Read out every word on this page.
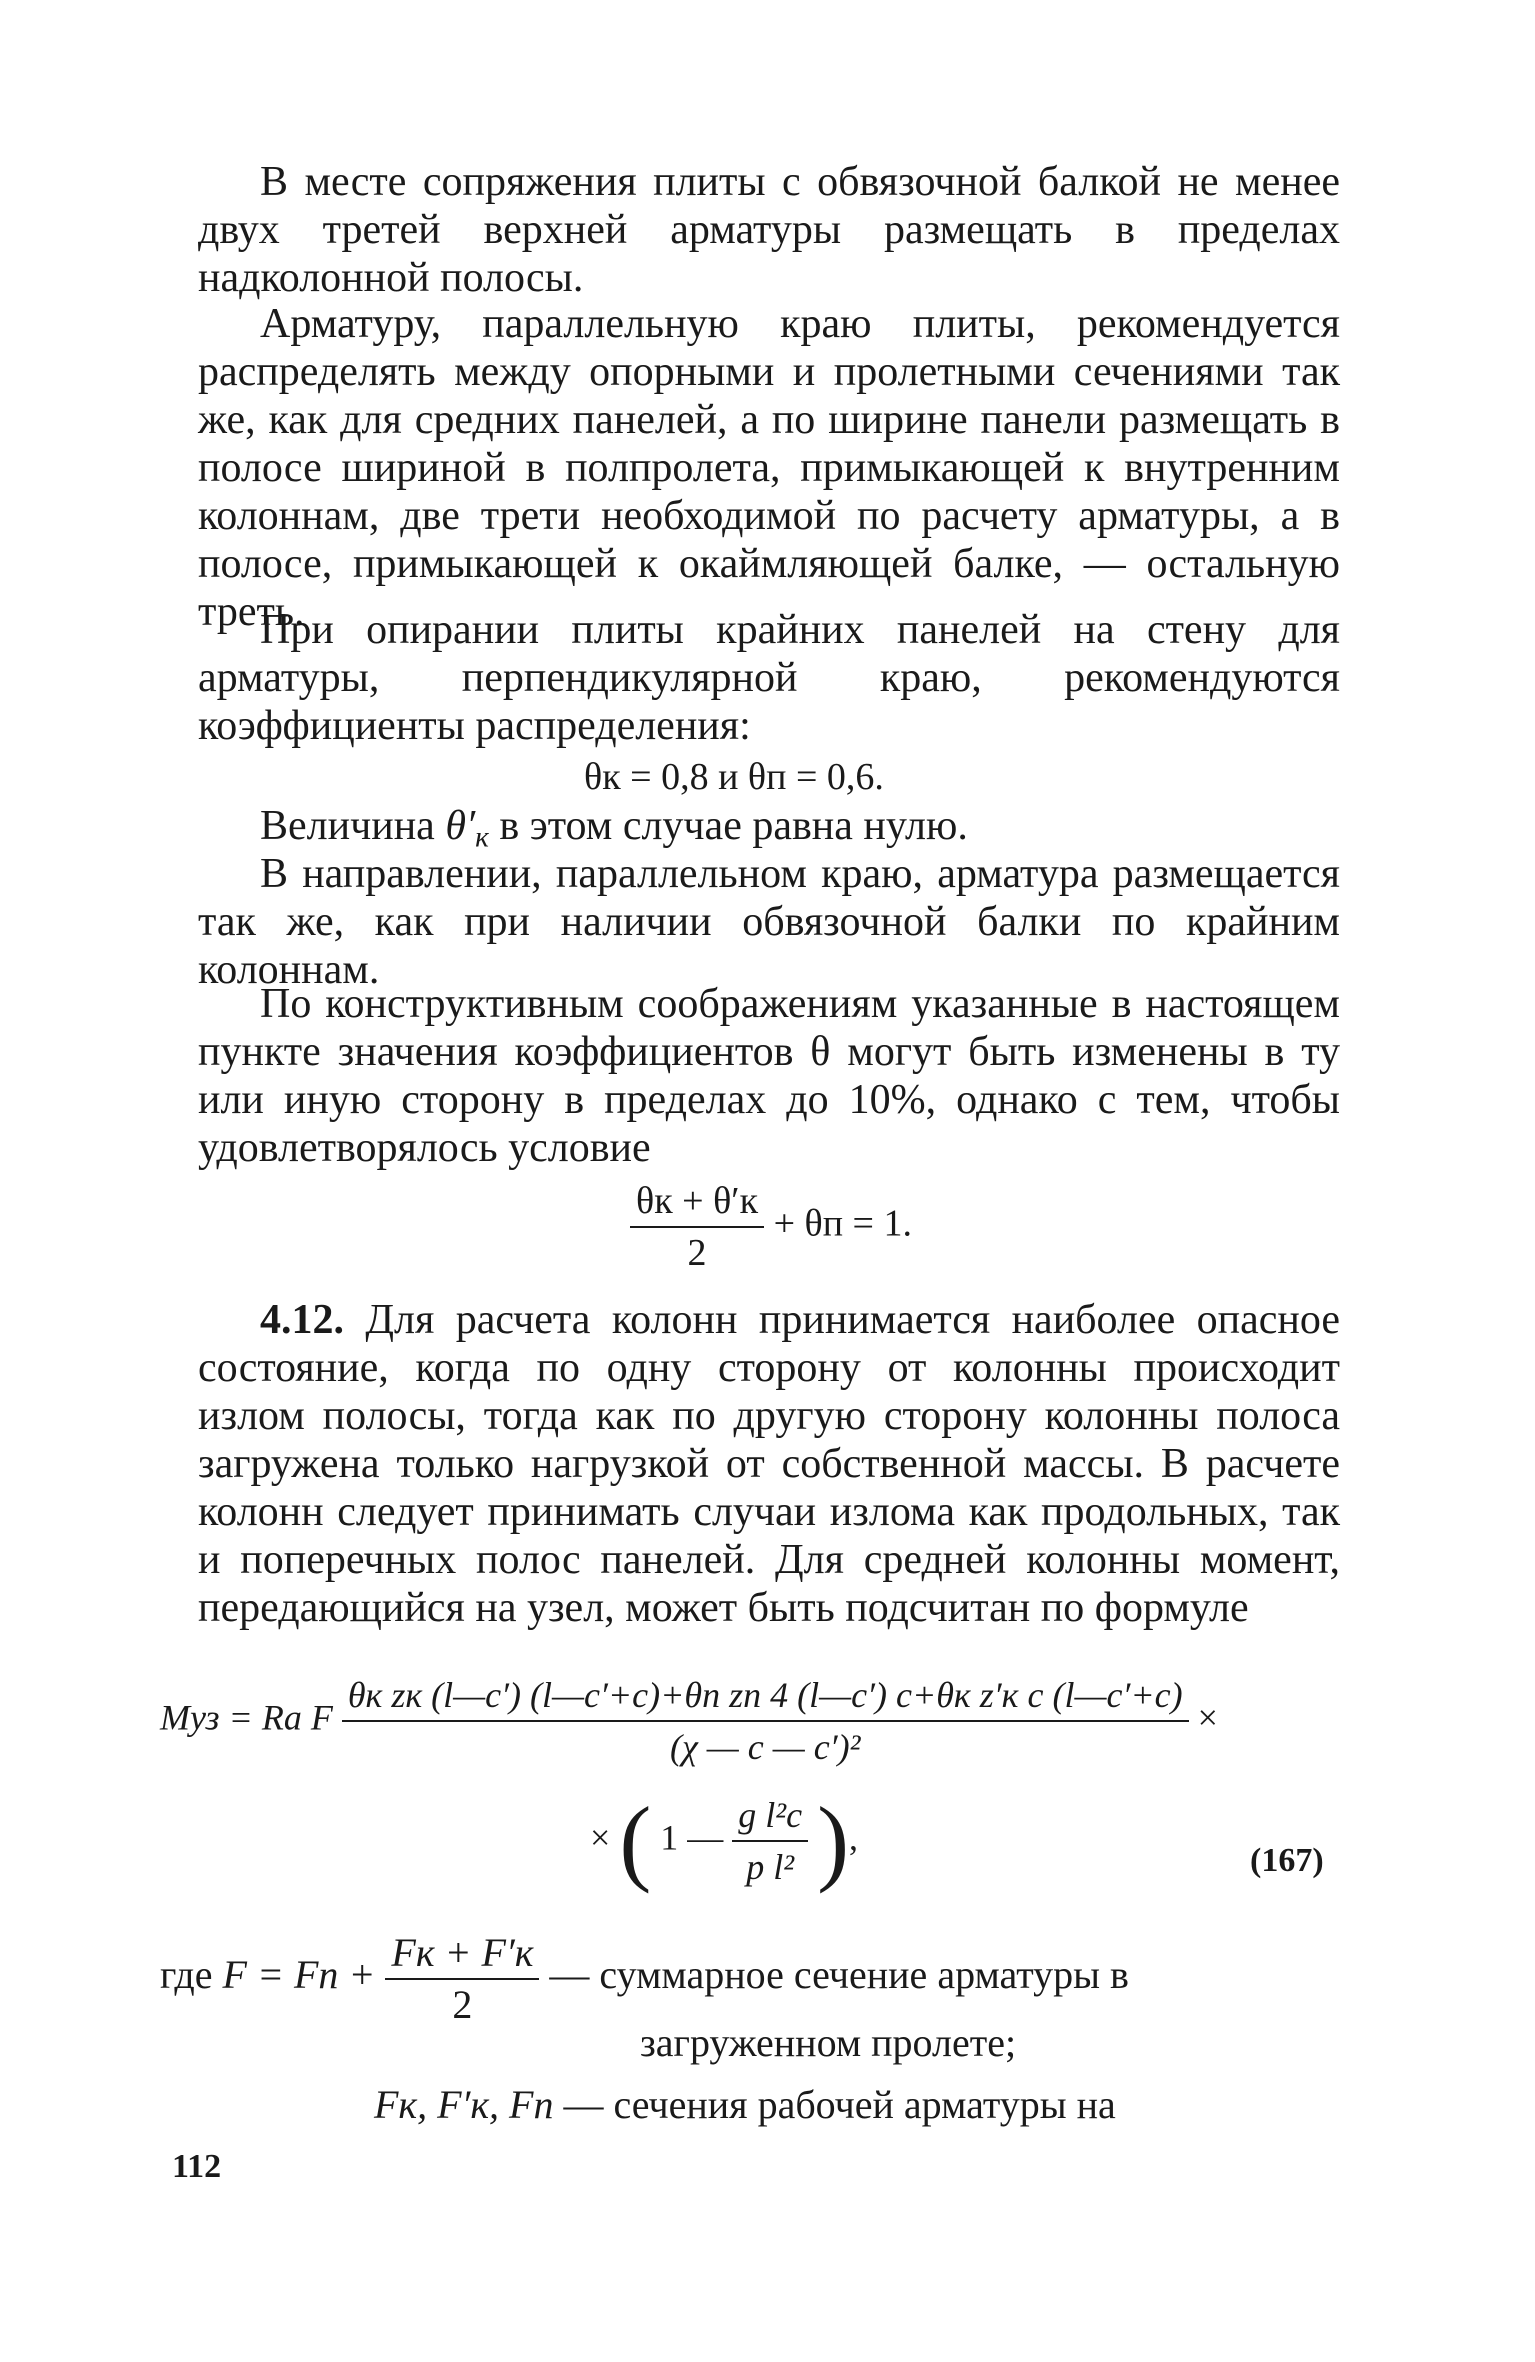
В месте сопряжения плиты с обвязочной балкой не менее двух третей верхней арматуры размещать в пределах надколонной полосы.

Арматуру, параллельную краю плиты, рекомендуется распределять между опорными и пролетными сечениями так же, как для средних панелей, а по ширине панели размещать в полосе шириной в полпролета, примыкающей к внутренним колоннам, две трети необходимой по расчету арматуры, а в полосе, примыкающей к окаймляющей балке, — остальную треть.

При опирании плиты крайних панелей на стену для арматуры, перпендикулярной краю, рекомендуются коэффициенты распределения:

θк = 0,8 и θп = 0,6.

Величина $\theta'_к$ в этом случае равна нулю.

В направлении, параллельном краю, арматура размещается так же, как при наличии обвязочной балки по крайним колоннам.

По конструктивным соображениям указанные в настоящем пункте значения коэффициентов θ могут быть изменены в ту или иную сторону в пределах до 10%, однако с тем, чтобы удовлетворялось условие

$\frac{\theta к + \theta'к}{2} + \theta п = 1$.

4.12. Для расчета колонн принимается наиболее опасное состояние, когда по одну сторону от колонны происходит излом полосы, тогда как по другую сторону колонны полоса загружена только нагрузкой от собственной массы. В расчете колонн следует принимать случаи излома как продольных, так и поперечных полос панелей. Для средней колонны момент, передающийся на узел, может быть подсчитан по формуле

Mуз = Ra F $\frac{\text{θк zк (l—c′) (l—c′+c)+θп zп 4 (l—c′) c+θк z′к c (l—c′+c)}}{\text{(χ — c — c′)²}}$ ×
× ( 1 — $\frac{\text{g l²c}}{\text{p l²}}$ ),
(167)
где F = Fп + $\frac{Fк + F'к}{2}$ — суммарное сечение арматуры в
загруженном пролете;
Fк, F′к, Fп — сечения рабочей арматуры на
112
